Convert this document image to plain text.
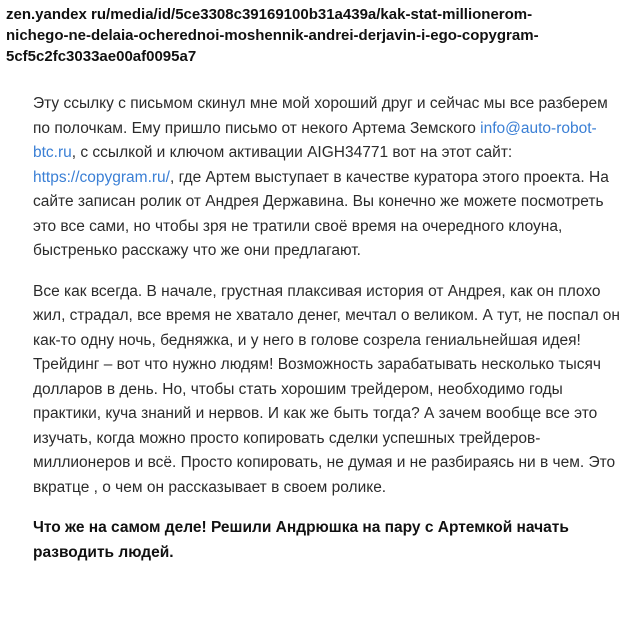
zen.yandex ru/media/id/5ce3308c39169100b31a439a/kak-stat-millionerom-
nichego-ne-delaia-ocherednoi-moshennik-andrei-derjavin-i-ego-copygram-
5cf5c2fc3033ae00af0095a7

Эту ссылку с письмом скинул мне мой хороший друг и сейчас мы все разберем по полочкам. Ему пришло письмо от некого Артема Земского info@auto-robot-btc.ru, с ссылкой и ключом активации AIGH34771 вот на этот сайт: https://copygram.ru/, где Артем выступает в качестве куратора этого проекта. На сайте записан ролик от Андрея Державина. Вы конечно же можете посмотреть это все сами, но чтобы зря не тратили своё время на очередного клоуна, быстренько расскажу что же они предлагают.

Все как всегда. В начале, грустная плаксивая история от Андрея, как он плохо жил, страдал, все время не хватало денег, мечтал о великом. А тут, не поспал он как-то одну ночь, бедняжка, и у него в голове созрела гениальнейшая идея! Трейдинг – вот что нужно людям! Возможность зарабатывать несколько тысяч долларов в день. Но, чтобы стать хорошим трейдером, необходимо годы практики, куча знаний и нервов. И как же быть тогда? А зачем вообще все это изучать, когда можно просто копировать сделки успешных трейдеров-миллионеров и всё. Просто копировать, не думая и не разбираясь ни в чем. Это вкратце , о чем он рассказывает в своем ролике.

Что же на самом деле! Решили Андрюшка на пару с Артемкой начать разводить людей.
